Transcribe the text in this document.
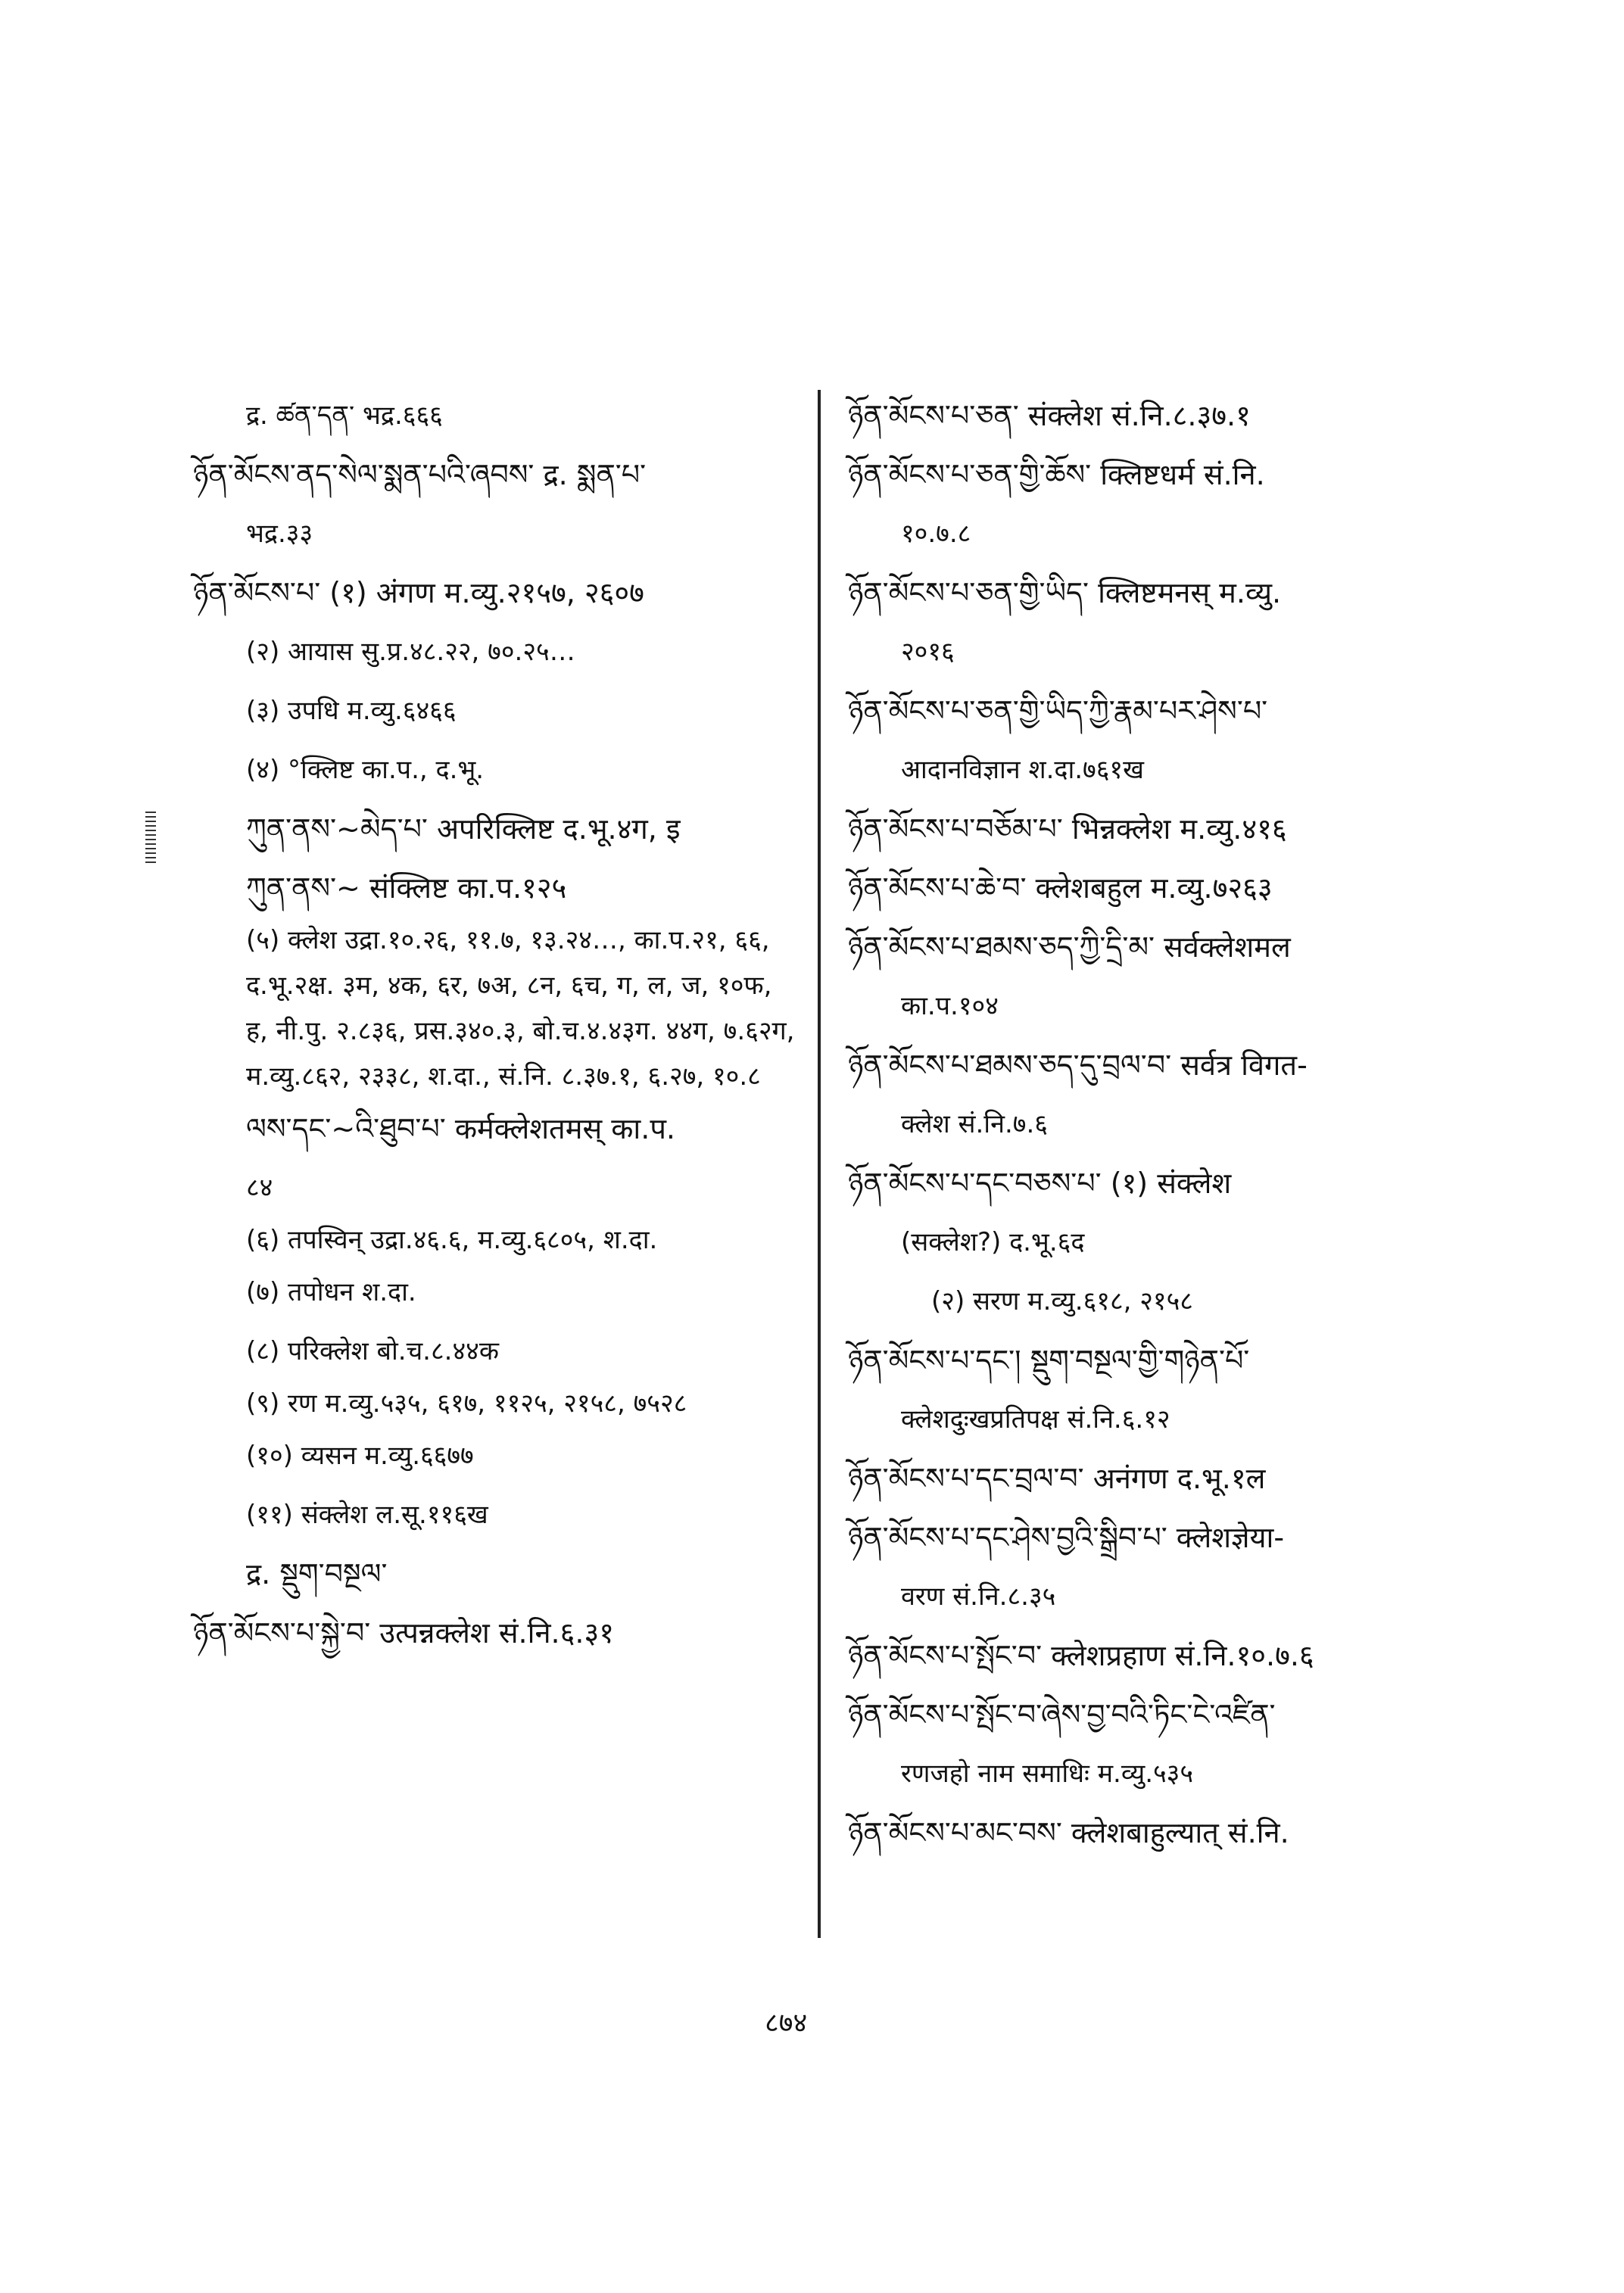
द्र. ཚན་དན་ भद्र.६६६
ཉོན་མོངས་ནད་སེལ་སྨན་པའི་ཞབས་ द्र. སྨན་པ་
भद्र.३३
ཉོན་མོངས་པ་ (१) अंगण म.व्यु.२१५७, २६०७
(२) आयास सु.प्र.४८.२२, ७०.२५…
(३) उपधि म.व्यु.६४६६
(४) °क्लिष्ट का.प., द.भू.
ཀུན་ནས་~མེད་པ་ अपरिक्लिष्ट द.भू.४ग, इ
ཀུན་ནས་~ संक्लिष्ट का.प.१२५
(५) क्लेश उद्रा.१०.२६, ११.७, १३.२४…, का.प.२१, ६६, द.भू.२क्ष. ३म, ४क, ६र, ७अ, ८न, ६च, ग, ल, ज, १०फ, ह, नी.पु. २.८३६, प्रस.३४०.३, बो.च.४.४३ग. ४४ग, ७.६२ग, म.व्यु.८६२, २३३८, श.दा., सं.नि. ८.३७.१, ६.२७, १०.८
ལས་དང་~འི་ཐུབ་པ་ कर्मक्लेशतमस् का.प.
८४
(६) तपस्विन् उद्रा.४६.६, म.व्यु.६८०५, श.दा.
(७) तपोधन श.दा.
(८) परिक्लेश बो.च.८.४४क
(९) रण म.व्यु.५३५, ६१७, ११२५, २१५८, ७५२८
(१०) व्यसन म.व्यु.६६७७
(११) संक्लेश ल.सू.११६ख
द्र. སྡུག་བསྔལ་
ཉོན་མོངས་པ་སྐྱེ་བ་ उत्पन्नक्लेश सं.नि.६.३१
ཉོན་མོངས་པ་ཅན་ संक्लेश सं.नि.८.३७.१
ཉོན་མོངས་པ་ཅན་གྱི་ཆོས་ क्लिष्टधर्म सं.नि.
१०.७.८
ཉོན་མོངས་པ་ཅན་གྱི་ཡིད་ क्लिष्टमनस् म.व्यु.
२०१६
ཉོན་མོངས་པ་ཅན་གྱི་ཡིད་ཀྱི་རྣམ་པར་ཤེས་པ་
आदानविज्ञान श.दा.७६१ख
ཉོན་མོངས་པ་བཅོམ་པ་ भिन्नक्लेश म.व्यु.४१६
ཉོན་མོངས་པ་ཆེ་བ་ क्लेशबहुल म.व्यु.७२६३
ཉོན་མོངས་པ་ཐམས་ཅད་ཀྱི་དྲི་མ་ सर्वक्लेशमल
का.प.१०४
ཉོན་མོངས་པ་ཐམས་ཅད་དུ་བྲལ་བ་ सर्वत्र विगत-
क्लेश सं.नि.७.६
ཉོན་མོངས་པ་དང་བཅས་པ་ (१) संक्लेश
(सक्लेश?) द.भू.६द
(२) सरण म.व्यु.६१८, २१५८
ཉོན་མོངས་པ་དང་། སྡུག་བསྔལ་གྱི་གཉེན་པོ་
क्लेशदुःखप्रतिपक्ष सं.नि.६.१२
ཉོན་མོངས་པ་དང་བྲལ་བ་ अनंगण द.भू.१ल
ཉོན་མོངས་པ་དང་ཤེས་བྱའི་སྒྲིབ་པ་ क्लेशज्ञेया-
वरण सं.नि.८.३५
ཉོན་མོངས་པ་སྤོང་བ་ क्लेशप्रहाण सं.नि.१०.७.६
ཉོན་མོངས་པ་སྤོང་བ་ཞེས་བྱ་བའི་ཏིང་ངེ་འཛིན་
रणजहो नाम समाधिः म.व्यु.५३५
ཉོན་མོངས་པ་མང་བས་ क्लेशबाहुल्यात् सं.नि.
८७४
